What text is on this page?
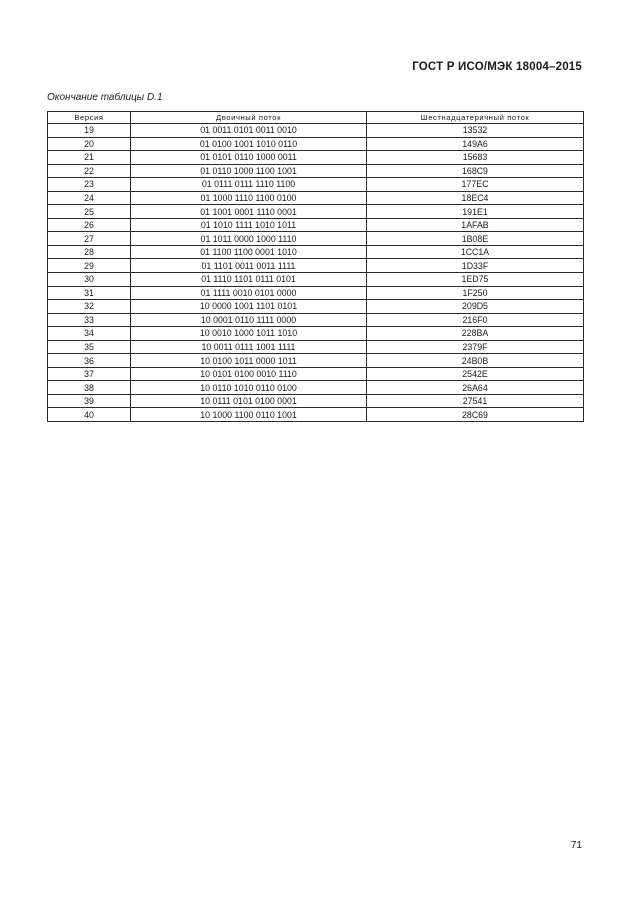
ГОСТ Р ИСО/МЭК 18004–2015
Окончание таблицы D.1
Версия	Двоичный поток	Шестнадцатеричный поток
19	01 0011 0101 0011 0010	13532
20	01 0100 1001 1010 0110	149A6
21	01 0101 0110 1000 0011	15683
22	01 0110 1000 1100 1001	168C9
23	01 0111 0111 1110 1100	177EC
24	01 1000 1110 1100 0100	18EC4
25	01 1001 0001 1110 0001	191E1
26	01 1010 1111 1010 1011	1AFAB
27	01 1011 0000 1000 1110	1B08E
28	01 1100 1100 0001 1010	1CC1A
29	01 1101 0011 0011 1111	1D33F
30	01 1110 1101 0111 0101	1ED75
31	01 1111 0010 0101 0000	1F250
32	10 0000 1001 1101 0101	209D5
33	10 0001 0110 1111 0000	216F0
34	10 0010 1000 1011 1010	228BA
35	10 0011 0111 1001 1111	2379F
36	10 0100 1011 0000 1011	24B0B
37	10 0101 0100 0010 1110	2542E
38	10 0110 1010 0110 0100	26A64
39	10 0111 0101 0100 0001	27541
40	10 1000 1100 0110 1001	28C69
71
